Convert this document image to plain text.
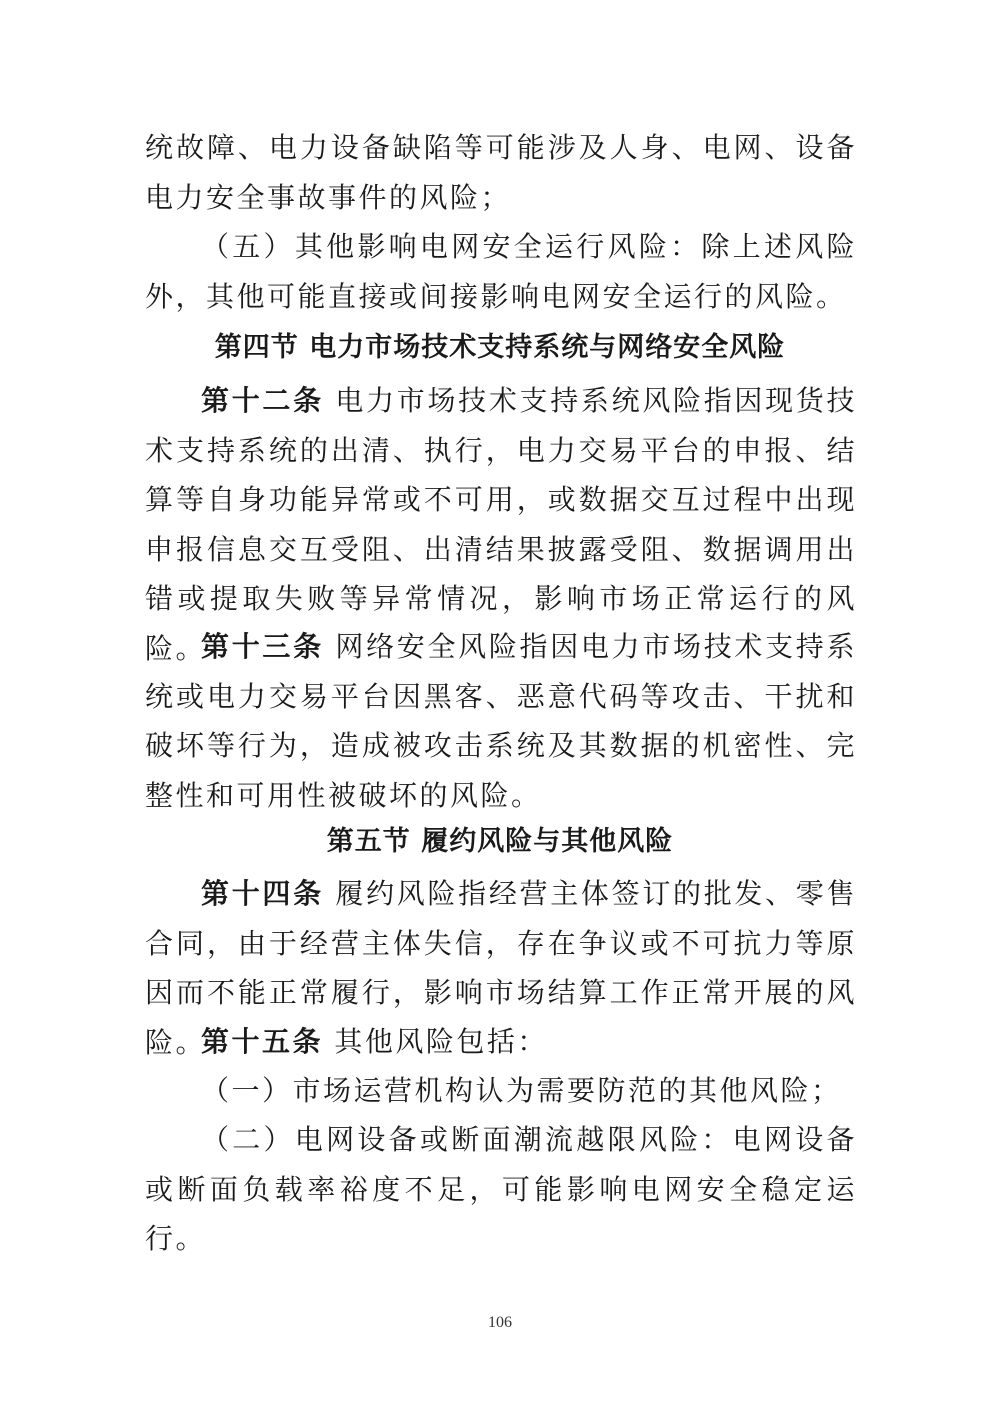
统故障、电力设备缺陷等可能涉及人身、电网、设备电力安全事故事件的风险；

（五）其他影响电网安全运行风险：除上述风险外，其他可能直接或间接影响电网安全运行的风险。

第四节 电力市场技术支持系统与网络安全风险

第十二条 电力市场技术支持系统风险指因现货技术支持系统的出清、执行，电力交易平台的申报、结算等自身功能异常或不可用，或数据交互过程中出现申报信息交互受阻、出清结果披露受阻、数据调用出错或提取失败等异常情况，影响市场正常运行的风险。

第十三条 网络安全风险指因电力市场技术支持系统或电力交易平台因黑客、恶意代码等攻击、干扰和破坏等行为，造成被攻击系统及其数据的机密性、完整性和可用性被破坏的风险。

第五节 履约风险与其他风险

第十四条 履约风险指经营主体签订的批发、零售合同，由于经营主体失信，存在争议或不可抗力等原因而不能正常履行，影响市场结算工作正常开展的风险。

第十五条 其他风险包括：

（一）市场运营机构认为需要防范的其他风险；

（二）电网设备或断面潮流越限风险：电网设备或断面负载率裕度不足，可能影响电网安全稳定运行。

106
